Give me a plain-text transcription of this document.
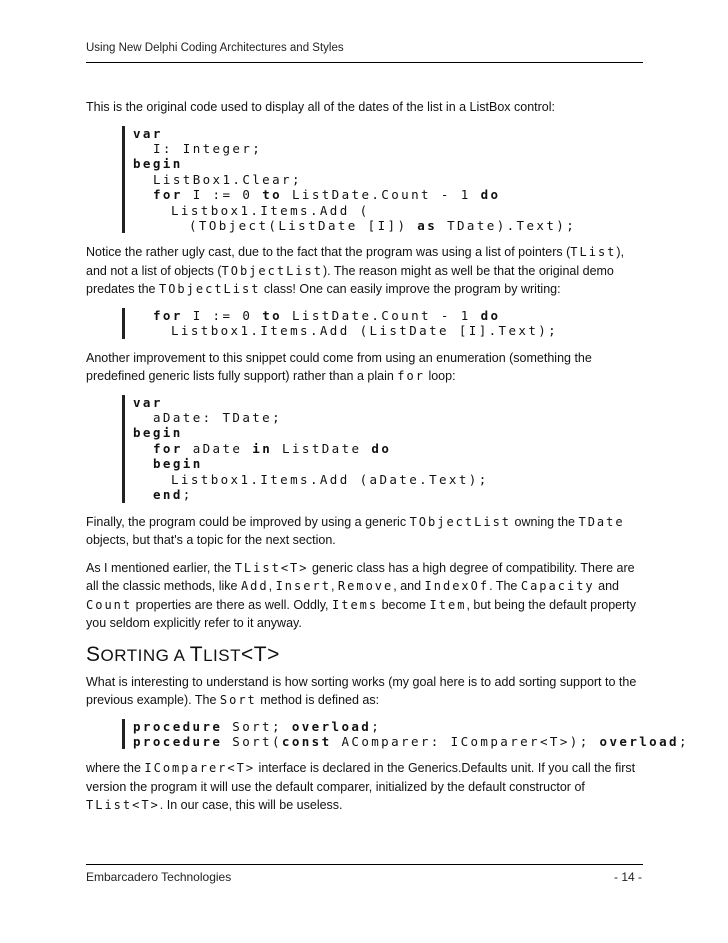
Using New Delphi Coding Architectures and Styles

This is the original code used to display all of the dates of the list in a ListBox control:

var
I: Integer;
begin
ListBox1.Clear;
for I := 0 to ListDate.Count - 1 do
Listbox1.Items.Add (
(TObject(ListDate [I]) as TDate).Text);

Notice the rather ugly cast, due to the fact that the program was using a list of pointers (TList), and not a list of objects (TObjectList). The reason might as well be that the original demo predates the TObjectList class! One can easily improve the program by writing:

for I := 0 to ListDate.Count - 1 do
Listbox1.Items.Add (ListDate [I].Text);

Another improvement to this snippet could come from using an enumeration (something the predefined generic lists fully support) rather than a plain for loop:

var
aDate: TDate;
begin
for aDate in ListDate do
begin
Listbox1.Items.Add (aDate.Text);
end;

Finally, the program could be improved by using a generic TObjectList owning the TDate objects, but that's a topic for the next section.

As I mentioned earlier, the TList<T> generic class has a high degree of compatibility. There are all the classic methods, like Add, Insert, Remove, and IndexOf. The Capacity and Count properties are there as well. Oddly, Items become Item, but being the default property you seldom explicitly refer to it anyway.

SORTING A TLIST<T>

What is interesting to understand is how sorting works (my goal here is to add sorting support to the previous example). The Sort method is defined as:

procedure Sort; overload;
procedure Sort(const AComparer: IComparer<T>); overload;

where the IComparer<T> interface is declared in the Generics.Defaults unit. If you call the first version the program it will use the default comparer, initialized by the default constructor of TList<T>. In our case, this will be useless.

Embarcadero Technologies	- 14 -
